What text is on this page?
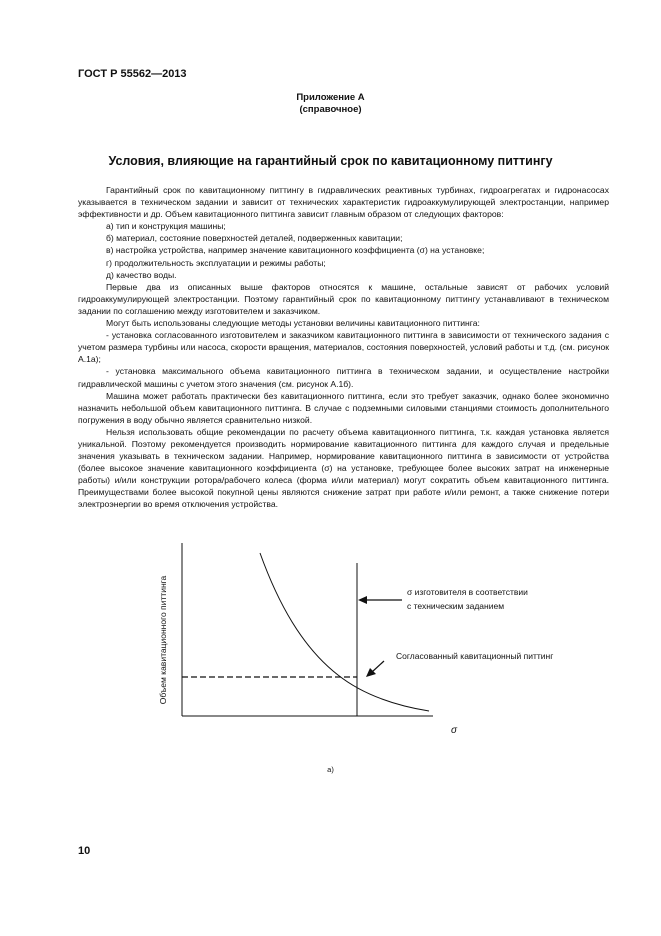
ГОСТ Р 55562—2013
Приложение А
(справочное)
Условия, влияющие на гарантийный срок по кавитационному питтингу

Гарантийный срок по кавитационному питтингу в гидравлических реактивных турбинах, гидроагрегатах и гидронасосах указывается в техническом задании и зависит от технических характеристик гидроаккумулирующей электростанции, например эффективности и др. Объем кавитационного питтинга зависит главным образом от следующих факторов:

а) тип и конструкция машины;

б) материал, состояние поверхностей деталей, подверженных кавитации;

в) настройка устройства, например значение кавитационного коэффициента (σ) на установке;

г) продолжительность эксплуатации и режимы работы;

д) качество воды.

Первые два из описанных выше факторов относятся к машине, остальные зависят от рабочих условий гидроаккумулирующей электростанции. Поэтому гарантийный срок по кавитационному питтингу устанавливают в техническом задании по соглашению между изготовителем и заказчиком.

Могут быть использованы следующие методы установки величины кавитационного питтинга:

- установка согласованного изготовителем и заказчиком кавитационного питтинга в зависимости от технического задания с учетом размера турбины или насоса, скорости вращения, материалов, состояния поверхностей, условий работы и т.д. (см. рисунок А.1а);

- установка максимального объема кавитационного питтинга в техническом задании, и осуществление настройки гидравлической машины с учетом этого значения (см. рисунок А.1б).

Машина может работать практически без кавитационного питтинга, если это требует заказчик, однако более экономично назначить небольшой объем кавитационного питтинга. В случае с подземными силовыми станциями стоимость дополнительного погружения в воду обычно является сравнительно низкой.

Нельзя использовать общие рекомендации по расчету объема кавитационного питтинга, т.к. каждая установка является уникальной. Поэтому рекомендуется производить нормирование кавитационного питтинга для каждого случая и предельные значения указывать в техническом задании. Например, нормирование кавитационного питтинга в зависимости от устройства (более высокое значение кавитационного коэффициента (σ) на установке, требующее более высоких затрат на инженерные работы) и/или конструкции ротора/рабочего колеса (форма и/или материал) могут сократить объем кавитационного питтинга. Преимуществами более высокой покупной цены являются снижение затрат при работе и/или ремонт, а также снижение потери электроэнергии во время отключения устройства.

Объем кавитационного питтинга	σ изготовителя в соответствии
с техническим заданием
Согласованный кавитационный питтинг
σ
а)
10
